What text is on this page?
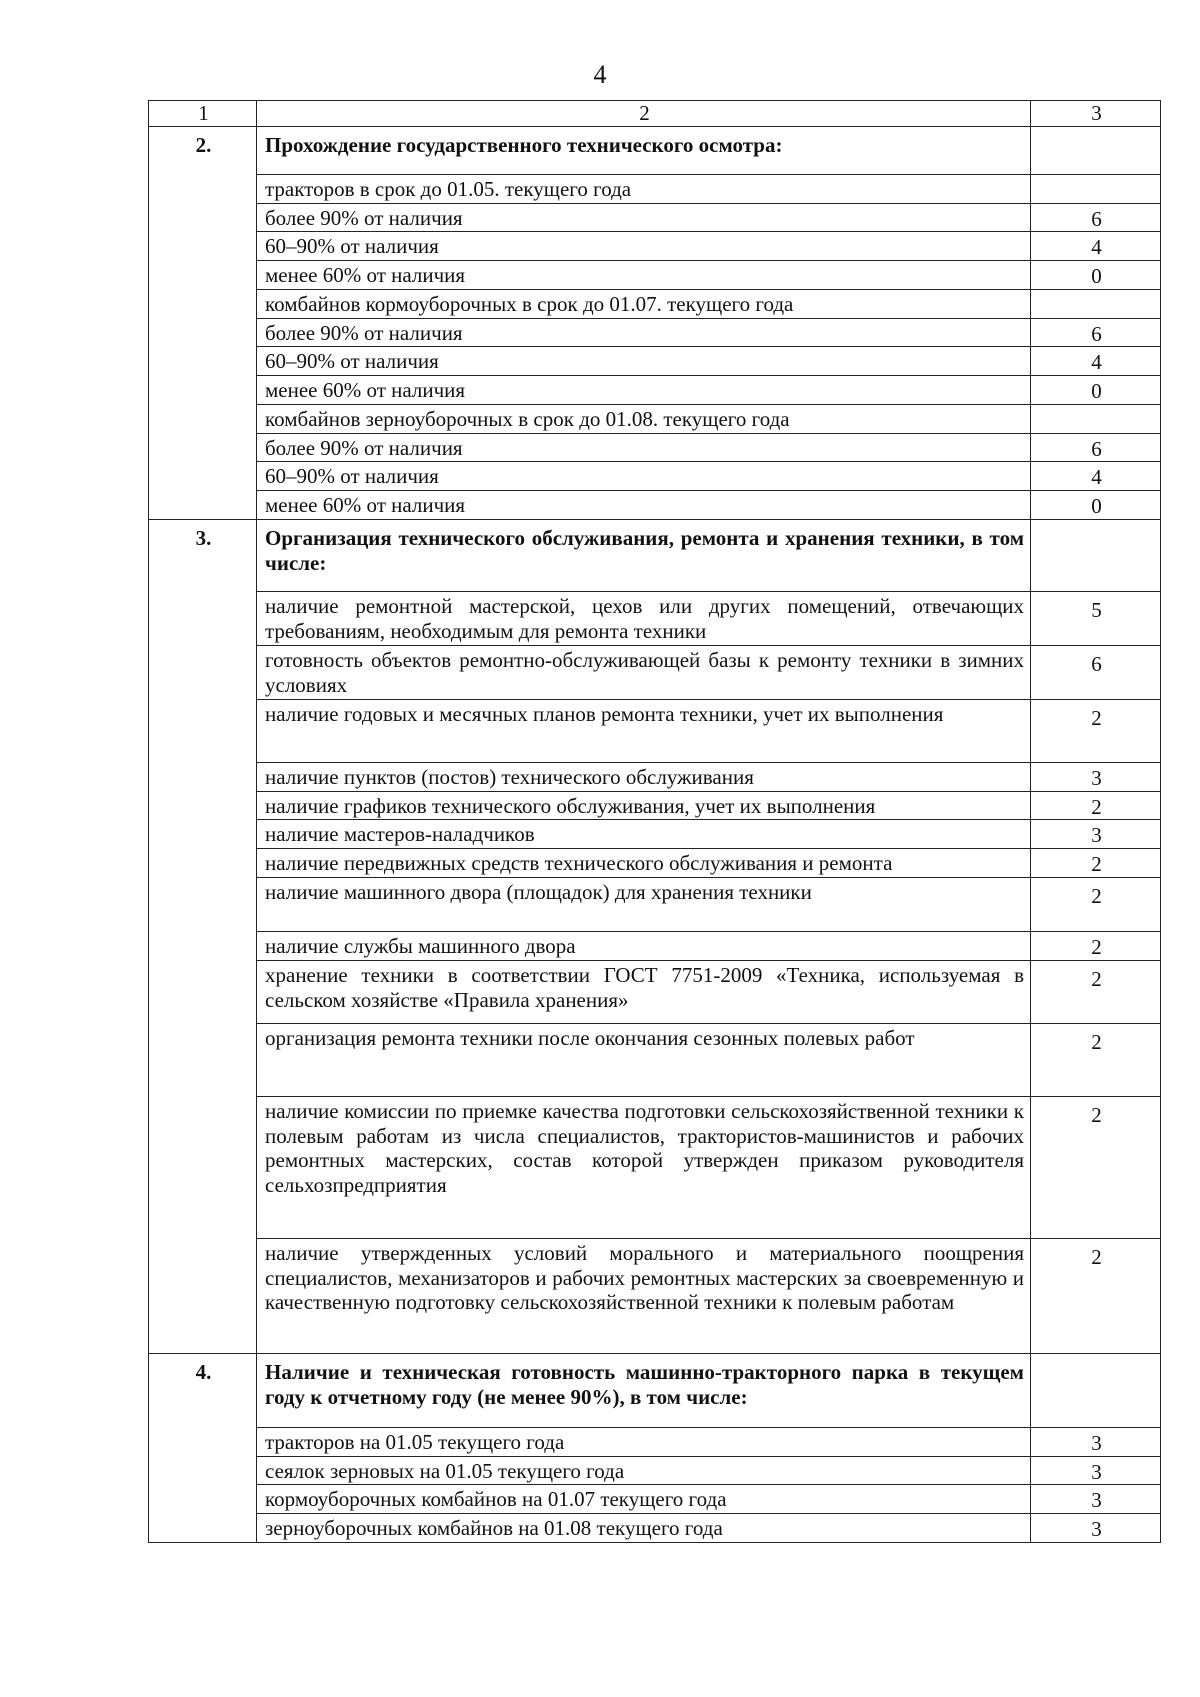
4
1	2	3
2.	Прохождение государственного технического осмотра:	
	тракторов в срок до 01.05. текущего года	
	более 90% от наличия	6
	60–90% от наличия	4
	менее 60% от наличия	0
	комбайнов кормоуборочных в срок до 01.07. текущего года	
	более 90% от наличия	6
	60–90% от наличия	4
	менее 60% от наличия	0
	комбайнов зерноуборочных в срок до 01.08. текущего года	
	более 90% от наличия	6
	60–90% от наличия	4
	менее 60% от наличия	0
3.	Организация технического обслуживания, ремонта и хранения техники, в том числе:	
	наличие ремонтной мастерской, цехов или других помещений, отвечающих требованиям, необходимым для ремонта техники	5
	готовность объектов ремонтно-обслуживающей базы к ремонту техники в зимних условиях	6
	наличие годовых и месячных планов ремонта техники, учет их выполнения	2
	наличие пунктов (постов) технического обслуживания	3
	наличие графиков технического обслуживания, учет их выполнения	2
	наличие мастеров-наладчиков	3
	наличие передвижных средств технического обслуживания и ремонта	2
	наличие машинного двора (площадок) для хранения техники	2
	наличие службы машинного двора	2
	хранение техники в соответствии ГОСТ 7751-2009 «Техника, используемая в сельском хозяйстве «Правила хранения»	2
	организация ремонта техники после окончания сезонных полевых работ	2
	наличие комиссии по приемке качества подготовки сельскохозяйственной техники к полевым работам из числа специалистов, трактористов-машинистов и рабочих ремонтных мастерских, состав которой утвержден приказом руководителя сельхозпредприятия	2
	наличие утвержденных условий морального и материального поощрения специалистов, механизаторов и рабочих ремонтных мастерских за своевременную и качественную подготовку сельскохозяйственной техники к полевым работам	2
4.	Наличие и техническая готовность машинно-тракторного парка в текущем году к отчетному году (не менее 90%), в том числе:	
	тракторов на 01.05 текущего года	3
	сеялок зерновых на 01.05 текущего года	3
	кормоуборочных комбайнов на 01.07 текущего года	3
	зерноуборочных комбайнов на 01.08 текущего года	3
